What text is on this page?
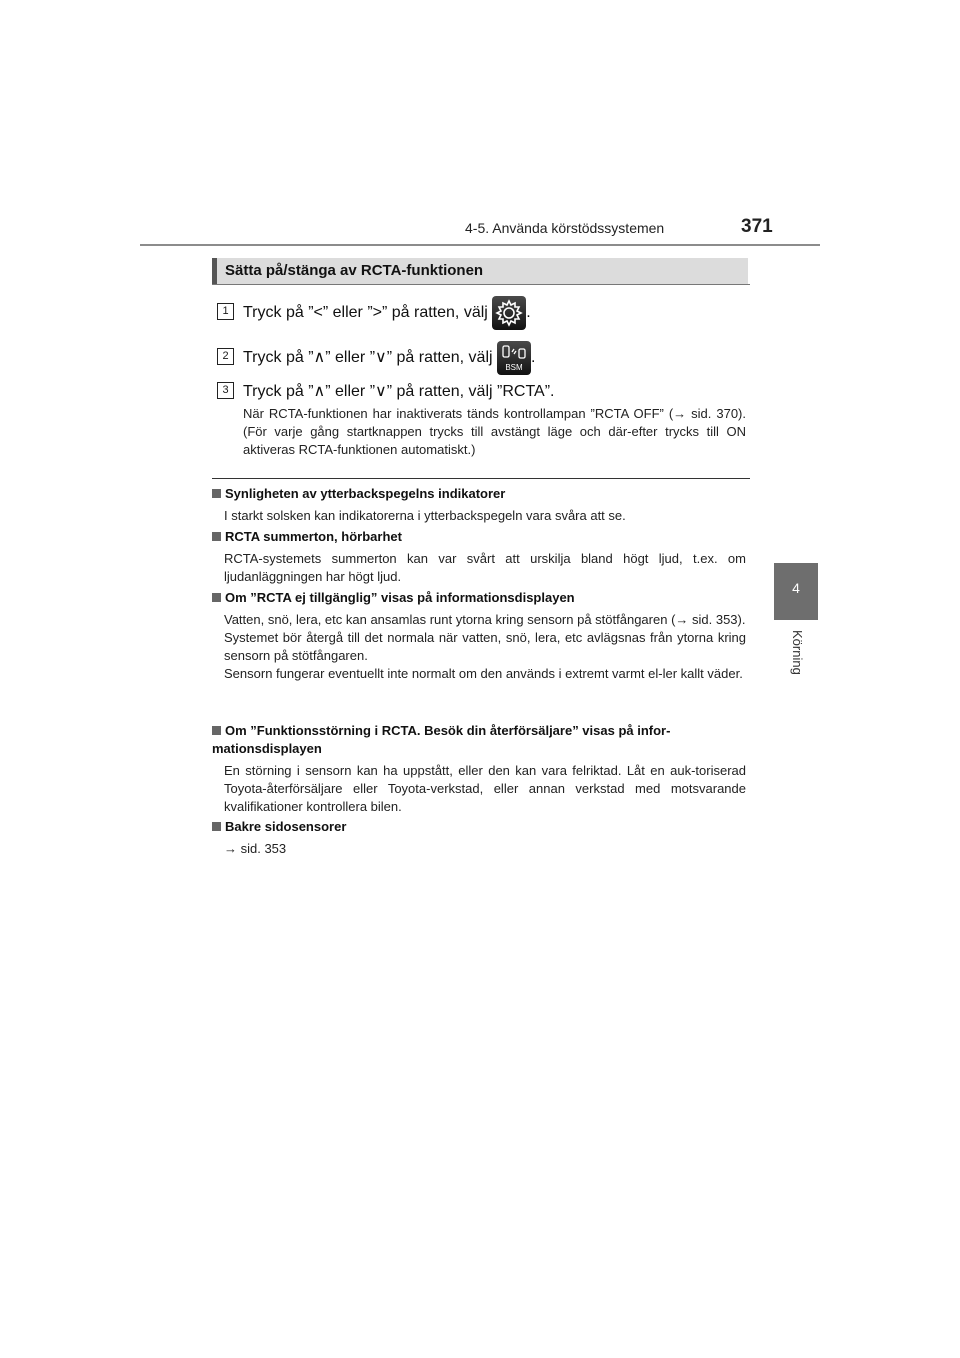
4-5. Använda körstödssystemen	371
4
Körning
Sätta på/stänga av RCTA-funktionen
1 Tryck på ”<” eller ”>” på ratten, välj .
2 Tryck på ”∧” eller ”∨” på ratten, välj
BSM
.
3 Tryck på ”∧” eller ”∨” på ratten, välj ”RCTA”.
När RCTA-funktionen har inaktiverats tänds kontrollampan ”RCTA OFF” (→ sid. 370). (För varje gång startknappen trycks till avstängt läge och där-efter trycks till ON aktiveras RCTA-funktionen automatiskt.)
Synligheten av ytterbackspegelns indikatorer
I starkt solsken kan indikatorerna i ytterbackspegeln vara svåra att se.
RCTA summerton, hörbarhet
RCTA-systemets summerton kan var svårt att urskilja bland högt ljud, t.ex. om ljudanläggningen har högt ljud.
Om ”RCTA ej tillgänglig” visas på informationsdisplayen
Vatten, snö, lera, etc kan ansamlas runt ytorna kring sensorn på stötfångaren (→ sid. 353).
Systemet bör återgå till det normala när vatten, snö, lera, etc avlägsnas från ytorna kring sensorn på stötfångaren.
Sensorn fungerar eventuellt inte normalt om den används i extremt varmt el-ler kallt väder.
Om ”Funktionsstörning i RCTA. Besök din återförsäljare” visas på infor-mationsdisplayen
En störning i sensorn kan ha uppstått, eller den kan vara felriktad. Låt en auk-toriserad Toyota-återförsäljare eller Toyota-verkstad, eller annan verkstad med motsvarande kvalifikationer kontrollera bilen.
Bakre sidosensorer
→ sid. 353
